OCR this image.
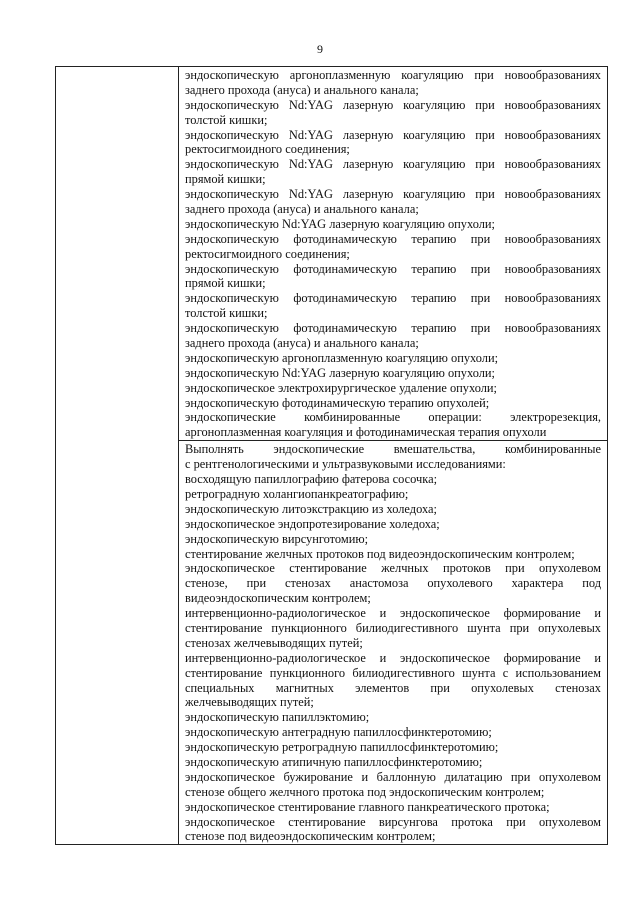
9

эндоскопическую аргоноплазменную коагуляцию при новообразованиях
заднего прохода (ануса) и анального канала;
эндоскопическую Nd:YAG лазерную коагуляцию при новообразованиях
толстой кишки;
эндоскопическую Nd:YAG лазерную коагуляцию при новообразованиях
ректосигмоидного соединения;
эндоскопическую Nd:YAG лазерную коагуляцию при новообразованиях
прямой кишки;
эндоскопическую Nd:YAG лазерную коагуляцию при новообразованиях
заднего прохода (ануса) и анального канала;
эндоскопическую Nd:YAG лазерную коагуляцию опухоли;
эндоскопическую фотодинамическую терапию при новообразованиях
ректосигмоидного соединения;
эндоскопическую фотодинамическую терапию при новообразованиях
прямой кишки;
эндоскопическую фотодинамическую терапию при новообразованиях
толстой кишки;
эндоскопическую фотодинамическую терапию при новообразованиях
заднего прохода (ануса) и анального канала;
эндоскопическую аргоноплазменную коагуляцию опухоли;
эндоскопическую Nd:YAG лазерную коагуляцию опухоли;
эндоскопическое электрохирургическое удаление опухоли;
эндоскопическую фотодинамическую терапию опухолей;
эндоскопические комбинированные операции: электрорезекция,
аргоноплазменная коагуляция и фотодинамическая терапия опухоли

Выполнять эндоскопические вмешательства, комбинированные
с рентгенологическими и ультразвуковыми исследованиями:
восходящую папиллографию фатерова сосочка;
ретроградную холангиопанкреатографию;
эндоскопическую литоэкстракцию из холедоха;
эндоскопическое эндопротезирование холедоха;
эндоскопическую вирсунготомию;
стентирование желчных протоков под видеоэндоскопическим контролем;
эндоскопическое стентирование желчных протоков при опухолевом
стенозе, при стенозах анастомоза опухолевого характера под
видеоэндоскопическим контролем;
интервенционно-радиологическое и эндоскопическое формирование и
стентирование пункционного билиодигестивного шунта при опухолевых
стенозах желчевыводящих путей;
интервенционно-радиологическое и эндоскопическое формирование и
стентирование пункционного билиодигестивного шунта с использованием
специальных магнитных элементов при опухолевых стенозах
желчевыводящих путей;
эндоскопическую папиллэктомию;
эндоскопическую антеградную папиллосфинктеротомию;
эндоскопическую ретроградную папиллосфинктеротомию;
эндоскопическую атипичную папиллосфинктеротомию;
эндоскопическое бужирование и баллонную дилатацию при опухолевом
стенозе общего желчного протока под эндоскопическим контролем;
эндоскопическое стентирование главного панкреатического протока;
эндоскопическое стентирование вирсунгова протока при опухолевом
стенозе под видеоэндоскопическим контролем;
